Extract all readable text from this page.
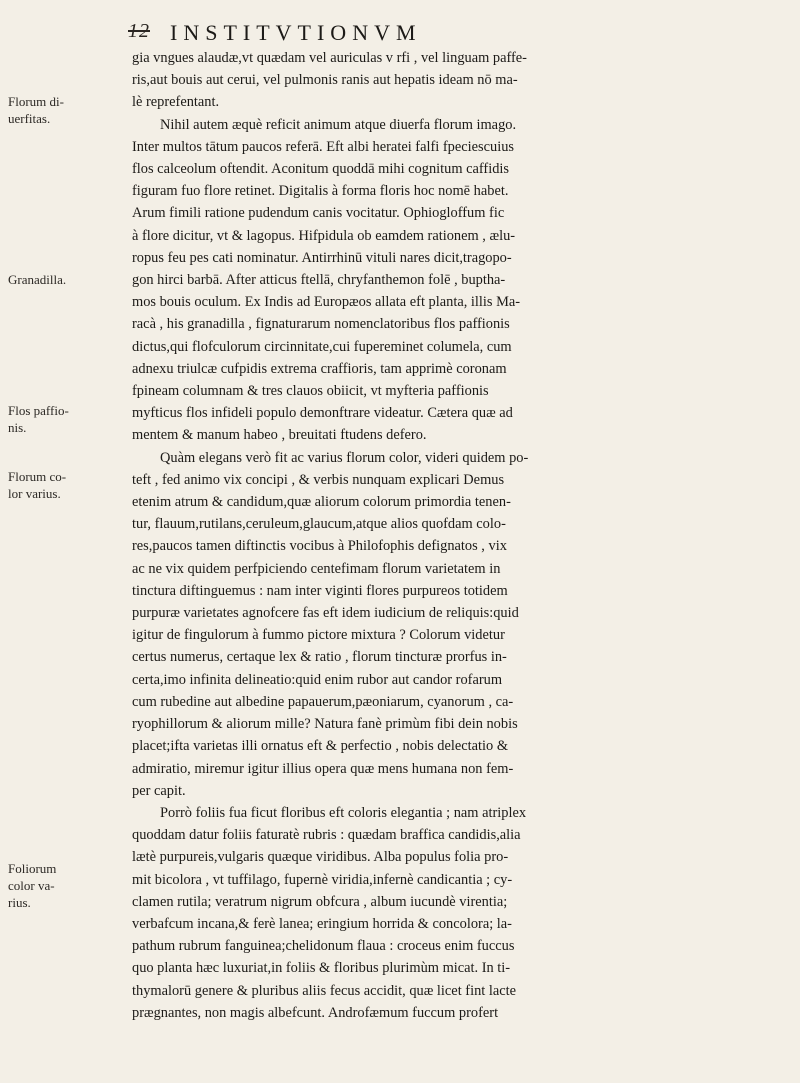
12 INSTITVTIONVM
Florum di-
uerfitas.
Granadilla.
Flos paffio-
nis.
Florum co-
lor varius.
Foliorum
color va-
rius.
gia vngues alaudæ,vt quædam vel auriculas v rfi , vel linguam paffe-
ris,aut bouis aut cerui, vel pulmonis ranis aut hepatis ideam nō ma-
lè reprefentant.
Nihil autem æquè reficit animum atque diuerfa florum imago.
Inter multos tātum paucos referā. Eft albi heratei falfi fpeciescuius
flos calceolum oftendit. Aconitum quoddā mihi cognitum caffidis
figuram fuo flore retinet. Digitalis à forma floris hoc nomē habet.
Arum fimili ratione pudendum canis vocitatur. Ophiogloffum fic
à flore dicitur, vt & lagopus. Hifpidula ob eamdem rationem , ælu-
ropus feu pes cati nominatur. Antirrhinū vituli nares dicit,tragopo-
gon hirci barbā. After atticus ftellā, chryfanthemon folē , buptha-
mos bouis oculum. Ex Indis ad Europæos allata eft planta, illis Ma-
racà , his granadilla , fignaturarum nomenclatoribus flos paffionis
dictus,qui flofculorum circinnitate,cui fupereminet columela, cum
adnexu triulcæ cufpidis extrema craffioris, tam apprimè coronam
fpineam columnam & tres clauos obiicit, vt myfteria paffionis
myfticus flos infideli populo demonftrare videatur. Cætera quæ ad
mentem & manum habeo , breuitati ftudens defero.
Quàm elegans verò fit ac varius florum color, videri quidem po-
teft , fed animo vix concipi , & verbis nunquam explicari Demus
etenim atrum & candidum,quæ aliorum colorum primordia tenen-
tur, flauum,rutilans,ceruleum,glaucum,atque alios quofdam colo-
res,paucos tamen diftinctis vocibus à Philofophis defignatos , vix
ac ne vix quidem perfpiciendo centefimam florum varietatem in
tinctura diftinguemus : nam inter viginti flores purpureos totidem
purpuræ varietates agnofcere fas eft idem iudicium de reliquis:quid
igitur de fingulorum à fummo pictore mixtura ? Colorum videtur
certus numerus, certaque lex & ratio , florum tincturæ prorfus in-
certa,imo infinita delineatio:quid enim rubor aut candor rofarum
cum rubedine aut albedine papauerum,pæoniarum, cyanorum , ca-
ryophillorum & aliorum mille? Natura fanè primùm fibi dein nobis
placet;ifta varietas illi ornatus eft & perfectio , nobis delectatio &
admiratio, miremur igitur illius opera quæ mens humana non fem-
per capit.
Porrò foliis fua ficut floribus eft coloris elegantia ; nam atriplex
quoddam datur foliis faturatè rubris : quædam braffica candidis,alia
lætè purpureis,vulgaris quæque viridibus. Alba populus folia pro-
mit bicolora , vt tuffilago, fupernè viridia,infernè candicantia ; cy-
clamen rutila; veratrum nigrum obfcura , album iucundè virentia;
verbafcum incana,& ferè lanea; eringium horrida & concolora; la-
pathum rubrum fanguinea;chelidonum flaua : croceus enim fuccus
quo planta hæc luxuriat,in foliis & floribus plurimùm micat. In ti-
thymalorū genere & pluribus aliis fecus accidit, quæ licet fint lacte
prægnantes, non magis albefcunt. Androfæmum fuccum profert
